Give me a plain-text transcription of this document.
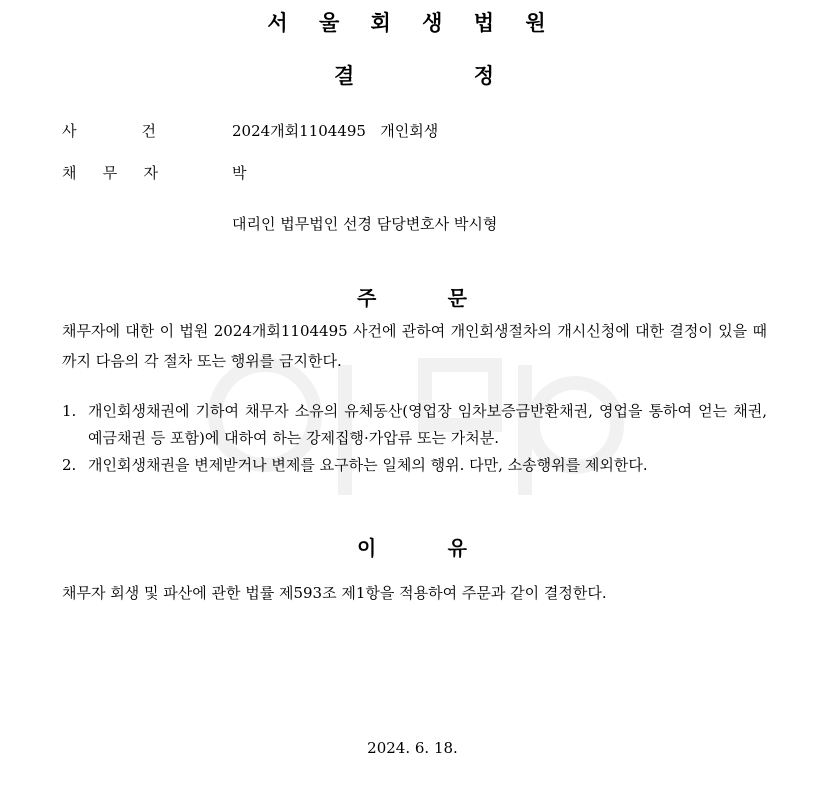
서 울 회 생 법 원
결	정
사	건	2024개회1104495 개인회생
채 무 자	박
대리인 법무법인 선경 담당변호사 박시형
주	문
채무자에 대한 이 법원 2024개회1104495 사건에 관하여 개인회생절차의 개시신청에 대한 결정이 있을 때까지 다음의 각 절차 또는 행위를 금지한다.
1. 개인회생채권에 기하여 채무자 소유의 유체동산(영업장 임차보증금반환채권, 영업을 통하여 얻는 채권, 예금채권 등 포함)에 대하여 하는 강제집행·가압류 또는 가처분.
2. 개인회생채권을 변제받거나 변제를 요구하는 일체의 행위. 다만, 소송행위를 제외한다.
이	유
채무자 회생 및 파산에 관한 법률 제593조 제1항을 적용하여 주문과 같이 결정한다.
2024. 6. 18.
